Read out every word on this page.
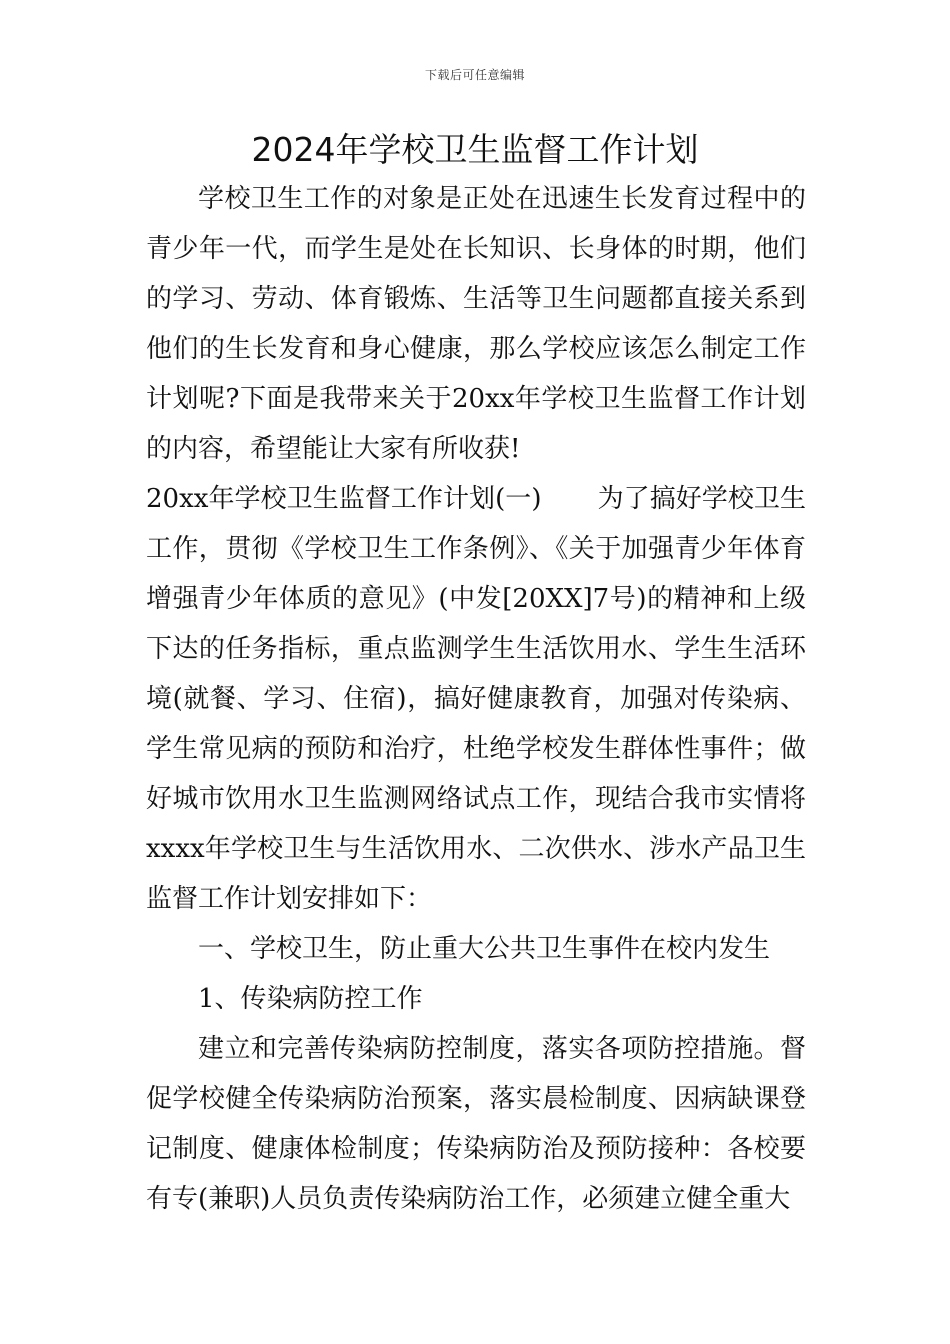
下载后可任意编辑
2024年学校卫生监督工作计划

学校卫生工作的对象是正处在迅速生长发育过程中的青少年一代，而学生是处在长知识、长身体的时期，他们的学习、劳动、体育锻炼、生活等卫生问题都直接关系到他们的生长发育和身心健康，那么学校应该怎么制定工作计划呢?下面是我带来关于20xx年学校卫生监督工作计划的内容，希望能让大家有所收获!

20xx年学校卫生监督工作计划(一) 为了搞好学校卫生工作，贯彻《学校卫生工作条例》、《关于加强青少年体育增强青少年体质的意见》(中发[20XX]7号)的精神和上级下达的任务指标，重点监测学生生活饮用水、学生生活环境(就餐、学习、住宿)，搞好健康教育，加强对传染病、学生常见病的预防和治疗，杜绝学校发生群体性事件；做好城市饮用水卫生监测网络试点工作，现结合我市实情将xxxx年学校卫生与生活饮用水、二次供水、涉水产品卫生监督工作计划安排如下：

一、学校卫生，防止重大公共卫生事件在校内发生

1、传染病防控工作

建立和完善传染病防控制度，落实各项防控措施。督促学校健全传染病防治预案，落实晨检制度、因病缺课登记制度、健康体检制度；传染病防治及预防接种：各校要有专(兼职)人员负责传染病防治工作，必须建立健全重大
